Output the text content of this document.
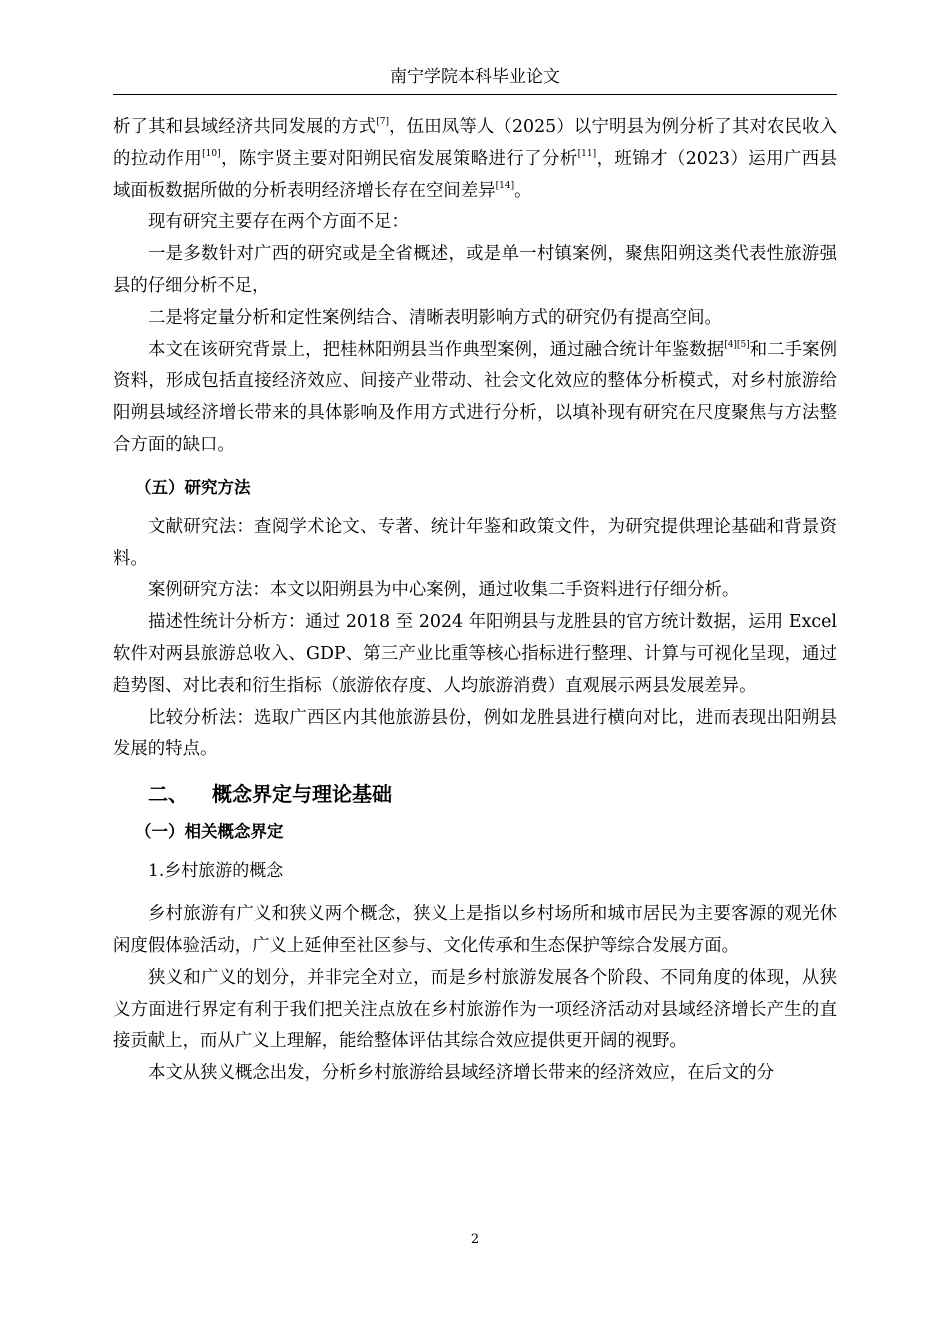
南宁学院本科毕业论文

析了其和县域经济共同发展的方式[7]，伍田凤等人（2025）以宁明县为例分析了其对农民收入的拉动作用[10]，陈宇贤主要对阳朔民宿发展策略进行了分析[11]，班锦才（2023）运用广西县域面板数据所做的分析表明经济增长存在空间差异[14]。

现有研究主要存在两个方面不足：

一是多数针对广西的研究或是全省概述，或是单一村镇案例，聚焦阳朔这类代表性旅游强县的仔细分析不足，

二是将定量分析和定性案例结合、清晰表明影响方式的研究仍有提高空间。

本文在该研究背景上，把桂林阳朔县当作典型案例，通过融合统计年鉴数据[4][5]和二手案例资料，形成包括直接经济效应、间接产业带动、社会文化效应的整体分析模式，对乡村旅游给阳朔县域经济增长带来的具体影响及作用方式进行分析，以填补现有研究在尺度聚焦与方法整合方面的缺口。

（五）研究方法

文献研究法：查阅学术论文、专著、统计年鉴和政策文件，为研究提供理论基础和背景资料。

案例研究方法：本文以阳朔县为中心案例，通过收集二手资料进行仔细分析。

描述性统计分析方：通过 2018 至 2024 年阳朔县与龙胜县的官方统计数据，运用 Excel 软件对两县旅游总收入、GDP、第三产业比重等核心指标进行整理、计算与可视化呈现，通过趋势图、对比表和衍生指标（旅游依存度、人均旅游消费）直观展示两县发展差异。

比较分析法：选取广西区内其他旅游县份，例如龙胜县进行横向对比，进而表现出阳朔县发展的特点。

二、 概念界定与理论基础
（一）相关概念界定

1.乡村旅游的概念

乡村旅游有广义和狭义两个概念，狭义上是指以乡村场所和城市居民为主要客源的观光休闲度假体验活动，广义上延伸至社区参与、文化传承和生态保护等综合发展方面。

狭义和广义的划分，并非完全对立，而是乡村旅游发展各个阶段、不同角度的体现，从狭义方面进行界定有利于我们把关注点放在乡村旅游作为一项经济活动对县域经济增长产生的直接贡献上，而从广义上理解，能给整体评估其综合效应提供更开阔的视野。

本文从狭义概念出发，分析乡村旅游给县域经济增长带来的经济效应，在后文的分

2
